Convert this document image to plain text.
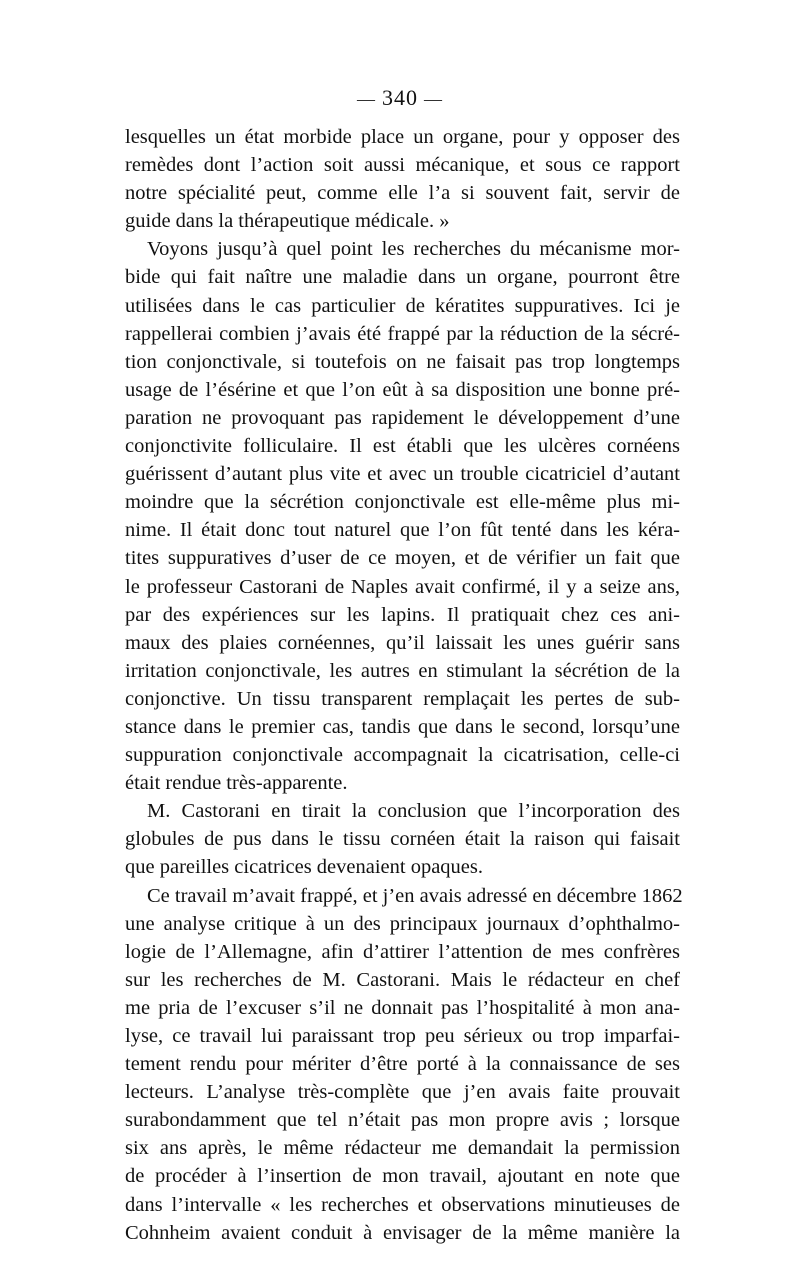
— 340 —
lesquelles un état morbide place un organe, pour y opposer des
remèdes dont l’action soit aussi mécanique, et sous ce rapport
notre spécialité peut, comme elle l’a si souvent fait, servir de
guide dans la thérapeutique médicale. »
Voyons jusqu’à quel point les recherches du mécanisme mor-
bide qui fait naître une maladie dans un organe, pourront être
utilisées dans le cas particulier de kératites suppuratives. Ici je
rappellerai combien j’avais été frappé par la réduction de la sécré-
tion conjonctivale, si toutefois on ne faisait pas trop longtemps
usage de l’ésérine et que l’on eût à sa disposition une bonne pré-
paration ne provoquant pas rapidement le développement d’une
conjonctivite folliculaire. Il est établi que les ulcères cornéens
guérissent d’autant plus vite et avec un trouble cicatriciel d’autant
moindre que la sécrétion conjonctivale est elle-même plus mi-
nime. Il était donc tout naturel que l’on fût tenté dans les kéra-
tites suppuratives d’user de ce moyen, et de vérifier un fait que
le professeur Castorani de Naples avait confirmé, il y a seize ans,
par des expériences sur les lapins. Il pratiquait chez ces ani-
maux des plaies cornéennes, qu’il laissait les unes guérir sans
irritation conjonctivale, les autres en stimulant la sécrétion de la
conjonctive. Un tissu transparent remplaçait les pertes de sub-
stance dans le premier cas, tandis que dans le second, lorsqu’une
suppuration conjonctivale accompagnait la cicatrisation, celle-ci
était rendue très-apparente.
M. Castorani en tirait la conclusion que l’incorporation des
globules de pus dans le tissu cornéen était la raison qui faisait
que pareilles cicatrices devenaient opaques.
Ce travail m’avait frappé, et j’en avais adressé en décembre 1862
une analyse critique à un des principaux journaux d’ophthalmo-
logie de l’Allemagne, afin d’attirer l’attention de mes confrères
sur les recherches de M. Castorani. Mais le rédacteur en chef
me pria de l’excuser s’il ne donnait pas l’hospitalité à mon ana-
lyse, ce travail lui paraissant trop peu sérieux ou trop imparfai-
tement rendu pour mériter d’être porté à la connaissance de ses
lecteurs. L’analyse très-complète que j’en avais faite prouvait
surabondamment que tel n’était pas mon propre avis ; lorsque
six ans après, le même rédacteur me demandait la permission
de procéder à l’insertion de mon travail, ajoutant en note que
dans l’intervalle « les recherches et observations minutieuses de
Cohnheim avaient conduit à envisager de la même manière la
